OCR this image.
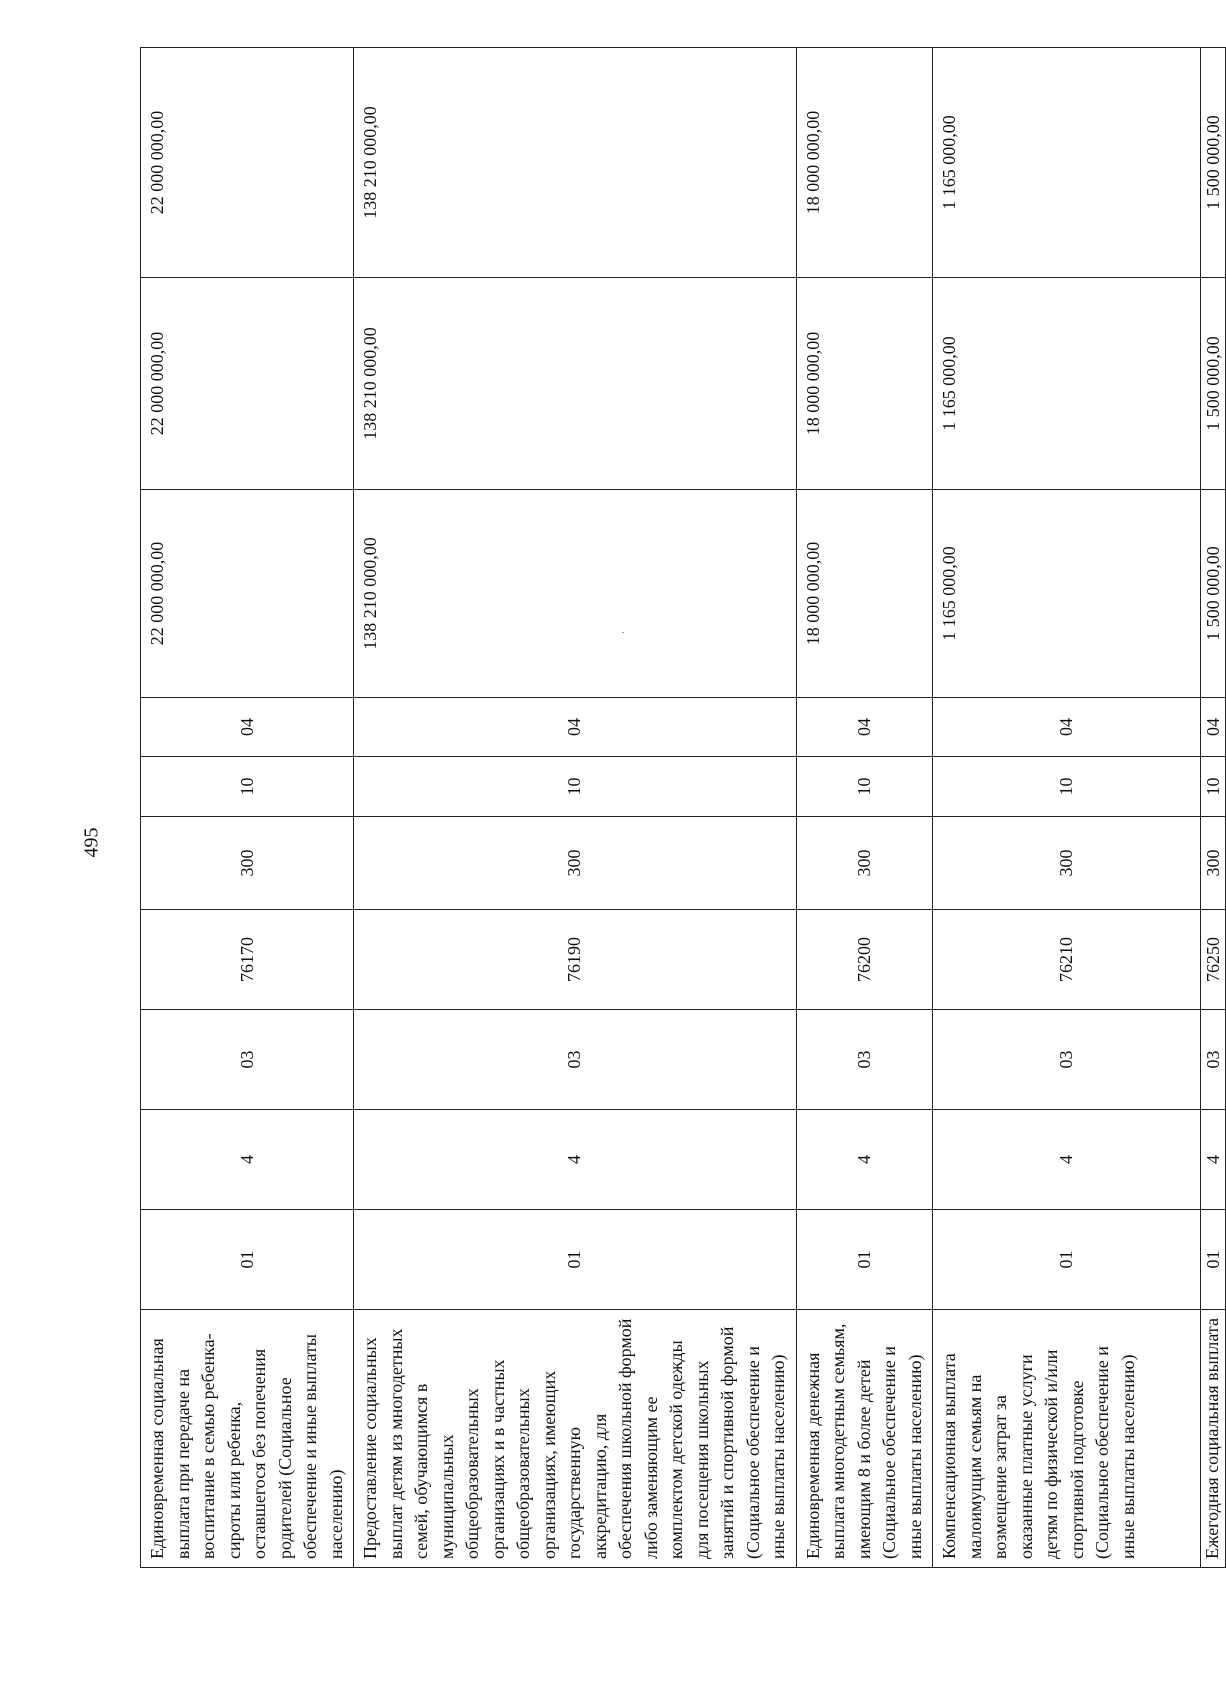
495
Единовременная социальная выплата при передаче на воспитание в семью ребенка-сироты или ребенка, оставшегося без попечения родителей (Социальное обеспечение и иные выплаты населению)	01	4	03	76170	300	10	04	22 000 000,00	22 000 000,00	22 000 000,00
Предоставление социальных выплат детям из многодетных семей, обучающимся в муниципальных общеобразовательных организациях и в частных общеобразовательных организациях, имеющих государственную аккредитацию, для обеспечения школьной формой либо заменяющим ее комплектом детской одежды для посещения школьных занятий и спортивной формой (Социальное обеспечение и иные выплаты населению)	01	4	03	76190	300	10	04	138 210 000,00	138 210 000,00	138 210 000,00
Единовременная денежная выплата многодетным семьям, имеющим 8 и более детей (Социальное обеспечение и иные выплаты населению)	01	4	03	76200	300	10	04	18 000 000,00	18 000 000,00	18 000 000,00
Компенсационная выплата малоимущим семьям на возмещение затрат за оказанные платные услуги детям по физической и/или спортивной подготовке (Социальное обеспечение и иные выплаты населению)	01	4	03	76210	300	10	04	1 165 000,00	1 165 000,00	1 165 000,00
Ежегодная социальная выплата	01	4	03	76250	300	10	04	1 500 000,00	1 500 000,00	1 500 000,00
